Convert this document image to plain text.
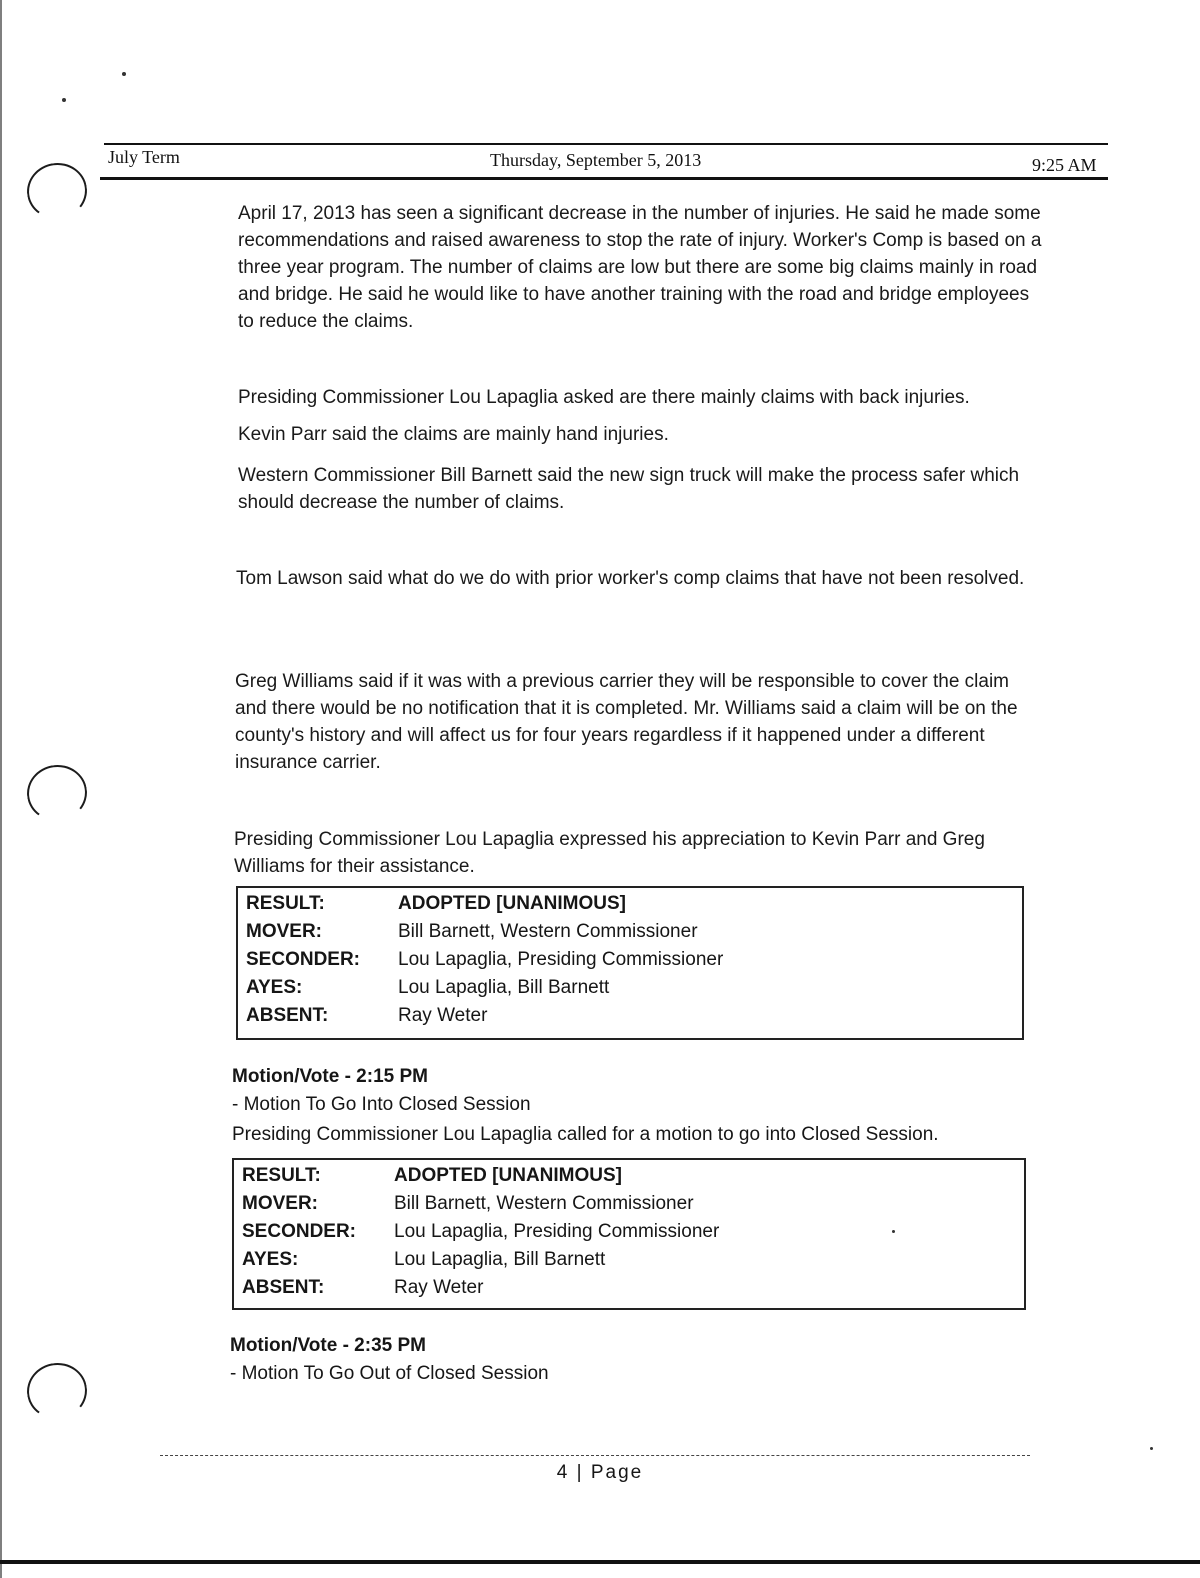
July Term	Thursday, September 5, 2013	9:25 AM

April 17, 2013 has seen a significant decrease in the number of injuries. He said he made some recommendations and raised awareness to stop the rate of injury. Worker's Comp is based on a three year program. The number of claims are low but there are some big claims mainly in road and bridge. He said he would like to have another training with the road and bridge employees to reduce the claims.

Presiding Commissioner Lou Lapaglia asked are there mainly claims with back injuries.

Kevin Parr said the claims are mainly hand injuries.

Western Commissioner Bill Barnett said the new sign truck will make the process safer which should decrease the number of claims.

Tom Lawson said what do we do with prior worker's comp claims that have not been resolved.

Greg Williams said if it was with a previous carrier they will be responsible to cover the claim and there would be no notification that it is completed. Mr. Williams said a claim will be on the county's history and will affect us for four years regardless if it happened under a different insurance carrier.

Presiding Commissioner Lou Lapaglia expressed his appreciation to Kevin Parr and Greg Williams for their assistance.

RESULT:	ADOPTED [UNANIMOUS]
MOVER:	Bill Barnett, Western Commissioner
SECONDER:	Lou Lapaglia, Presiding Commissioner
AYES:	Lou Lapaglia, Bill Barnett
ABSENT:	Ray Weter

Motion/Vote - 2:15 PM

- Motion To Go Into Closed Session

Presiding Commissioner Lou Lapaglia called for a motion to go into Closed Session.

RESULT:	ADOPTED [UNANIMOUS]
MOVER:	Bill Barnett, Western Commissioner
SECONDER:	Lou Lapaglia, Presiding Commissioner
AYES:	Lou Lapaglia, Bill Barnett
ABSENT:	Ray Weter

Motion/Vote - 2:35 PM

- Motion To Go Out of Closed Session

4 | Page
